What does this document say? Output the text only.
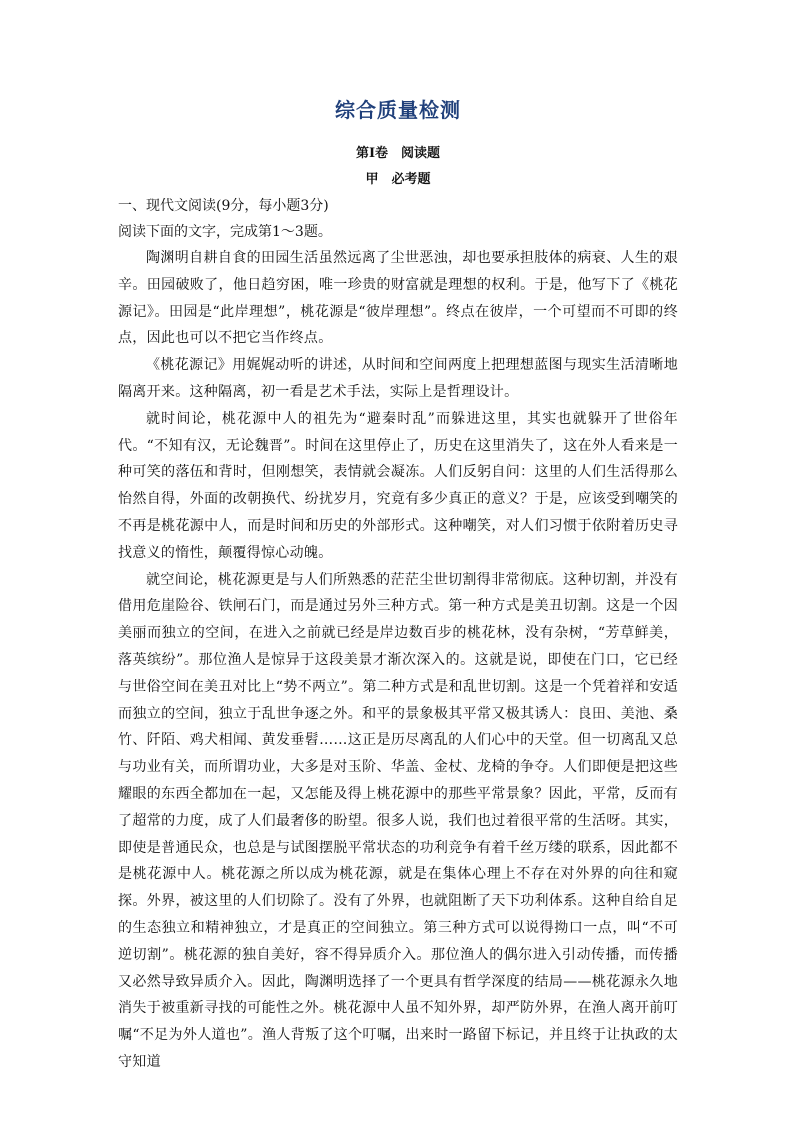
综合质量检测

第Ⅰ卷　阅读题

甲　必考题

一、现代文阅读(9分，每小题3分)

阅读下面的文字，完成第1～3题。

陶渊明自耕自食的田园生活虽然远离了尘世恶浊，却也要承担肢体的病衰、人生的艰辛。田园破败了，他日趋穷困，唯一珍贵的财富就是理想的权利。于是，他写下了《桃花源记》。田园是“此岸理想”，桃花源是“彼岸理想”。终点在彼岸，一个可望而不可即的终点，因此也可以不把它当作终点。

《桃花源记》用娓娓动听的讲述，从时间和空间两度上把理想蓝图与现实生活清晰地隔离开来。这种隔离，初一看是艺术手法，实际上是哲理设计。

就时间论，桃花源中人的祖先为“避秦时乱”而躲进这里，其实也就躲开了世俗年代。“不知有汉，无论魏晋”。时间在这里停止了，历史在这里消失了，这在外人看来是一种可笑的落伍和背时，但刚想笑，表情就会凝冻。人们反躬自问：这里的人们生活得那么怡然自得，外面的改朝换代、纷扰岁月，究竟有多少真正的意义？于是，应该受到嘲笑的不再是桃花源中人，而是时间和历史的外部形式。这种嘲笑，对人们习惯于依附着历史寻找意义的惰性，颠覆得惊心动魄。

就空间论，桃花源更是与人们所熟悉的茫茫尘世切割得非常彻底。这种切割，并没有借用危崖险谷、铁闸石门，而是通过另外三种方式。第一种方式是美丑切割。这是一个因美丽而独立的空间，在进入之前就已经是岸边数百步的桃花林，没有杂树，“芳草鲜美，落英缤纷”。那位渔人是惊异于这段美景才渐次深入的。这就是说，即使在门口，它已经与世俗空间在美丑对比上“势不两立”。第二种方式是和乱世切割。这是一个凭着祥和安适而独立的空间，独立于乱世争逐之外。和平的景象极其平常又极其诱人：良田、美池、桑竹、阡陌、鸡犬相闻、黄发垂髫……这正是历尽离乱的人们心中的天堂。但一切离乱又总与功业有关，而所谓功业，大多是对玉阶、华盖、金杖、龙椅的争夺。人们即便是把这些耀眼的东西全都加在一起，又怎能及得上桃花源中的那些平常景象？因此，平常，反而有了超常的力度，成了人们最奢侈的盼望。很多人说，我们也过着很平常的生活呀。其实，即使是普通民众，也总是与试图摆脱平常状态的功利竞争有着千丝万缕的联系，因此都不是桃花源中人。桃花源之所以成为桃花源，就是在集体心理上不存在对外界的向往和窥探。外界，被这里的人们切除了。没有了外界，也就阻断了天下功利体系。这种自给自足的生态独立和精神独立，才是真正的空间独立。第三种方式可以说得拗口一点，叫“不可逆切割”。桃花源的独自美好，容不得异质介入。那位渔人的偶尔进入引动传播，而传播又必然导致异质介入。因此，陶渊明选择了一个更具有哲学深度的结局——桃花源永久地消失于被重新寻找的可能性之外。桃花源中人虽不知外界，却严防外界，在渔人离开前叮嘱“不足为外人道也”。渔人背叛了这个叮嘱，出来时一路留下标记，并且终于让执政的太守知道
